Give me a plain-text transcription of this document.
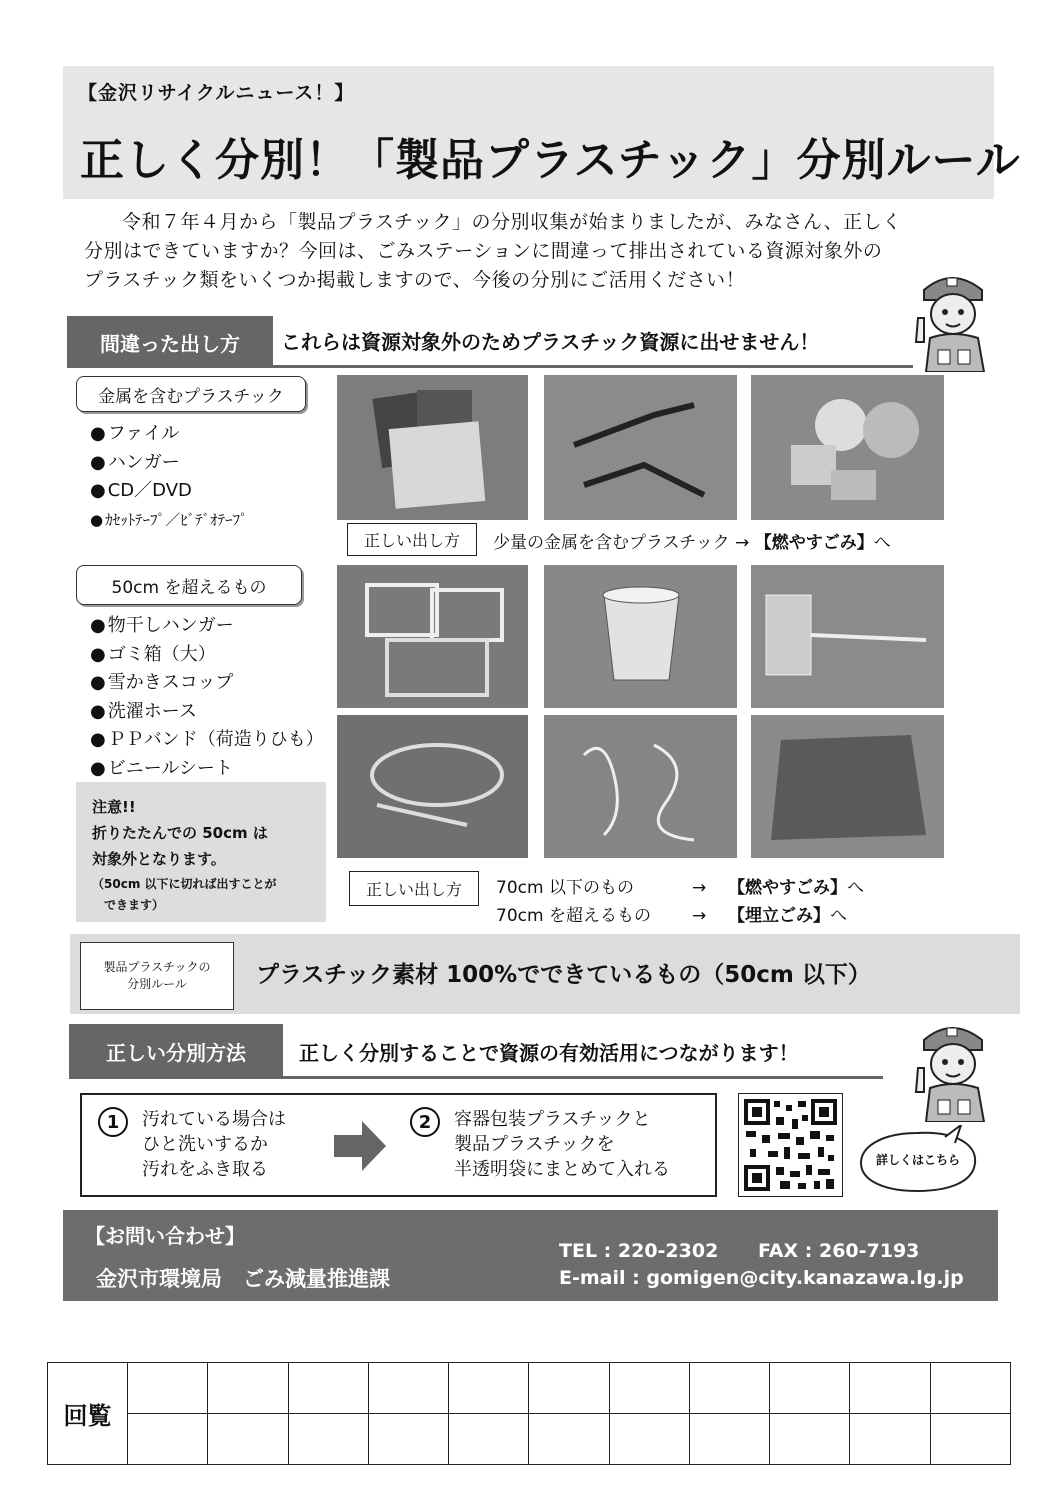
【金沢リサイクルニュース！】
正しく分別！「製品プラスチック」分別ルール
令和７年４月から「製品プラスチック」の分別収集が始まりましたが、みなさん、正しく
分別はできていますか？今回は、ごみステーションに間違って排出されている資源対象外の
プラスチック類をいくつか掲載しますので、今後の分別にご活用ください！
間違った出し方	これらは資源対象外のためプラスチック資源に出せません！
金属を含むプラスチック
● ファイル
● ハンガー
● CD／DVD
● ｶｾｯﾄﾃｰﾌﾟ／ﾋﾞﾃﾞｵﾃｰﾌﾟ
正しい出し方	少量の金属を含むプラスチック → 【燃やすごみ】へ
50cm を超えるもの
● 物干しハンガー
● ゴミ箱（大）
● 雪かきスコップ
● 洗濯ホース
● ＰＰバンド（荷造りひも）
● ビニールシート
注意!!
折りたたんでの 50cm は
対象外となります。
（50cm 以下に切れば出すことが
できます）
正しい出し方	70cm 以下のもの	→ 【燃やすごみ】へ
70cm を超えるもの → 【埋立ごみ】へ
製品プラスチックの
分別ルール	プラスチック素材 100%でできているもの（50cm 以下）
正しい分別方法	正しく分別することで資源の有効活用につながります！
1	汚れている場合は
ひと洗いするか
汚れをふき取る
2	容器包装プラスチックと
製品プラスチックを
半透明袋にまとめて入れる	詳しくはこちら
【お問い合わせ】
金沢市環境局　ごみ減量推進課
TEL : 220-2302      FAX : 260-7193
E-mail : gomigen@city.kanazawa.lg.jp
回覧											
